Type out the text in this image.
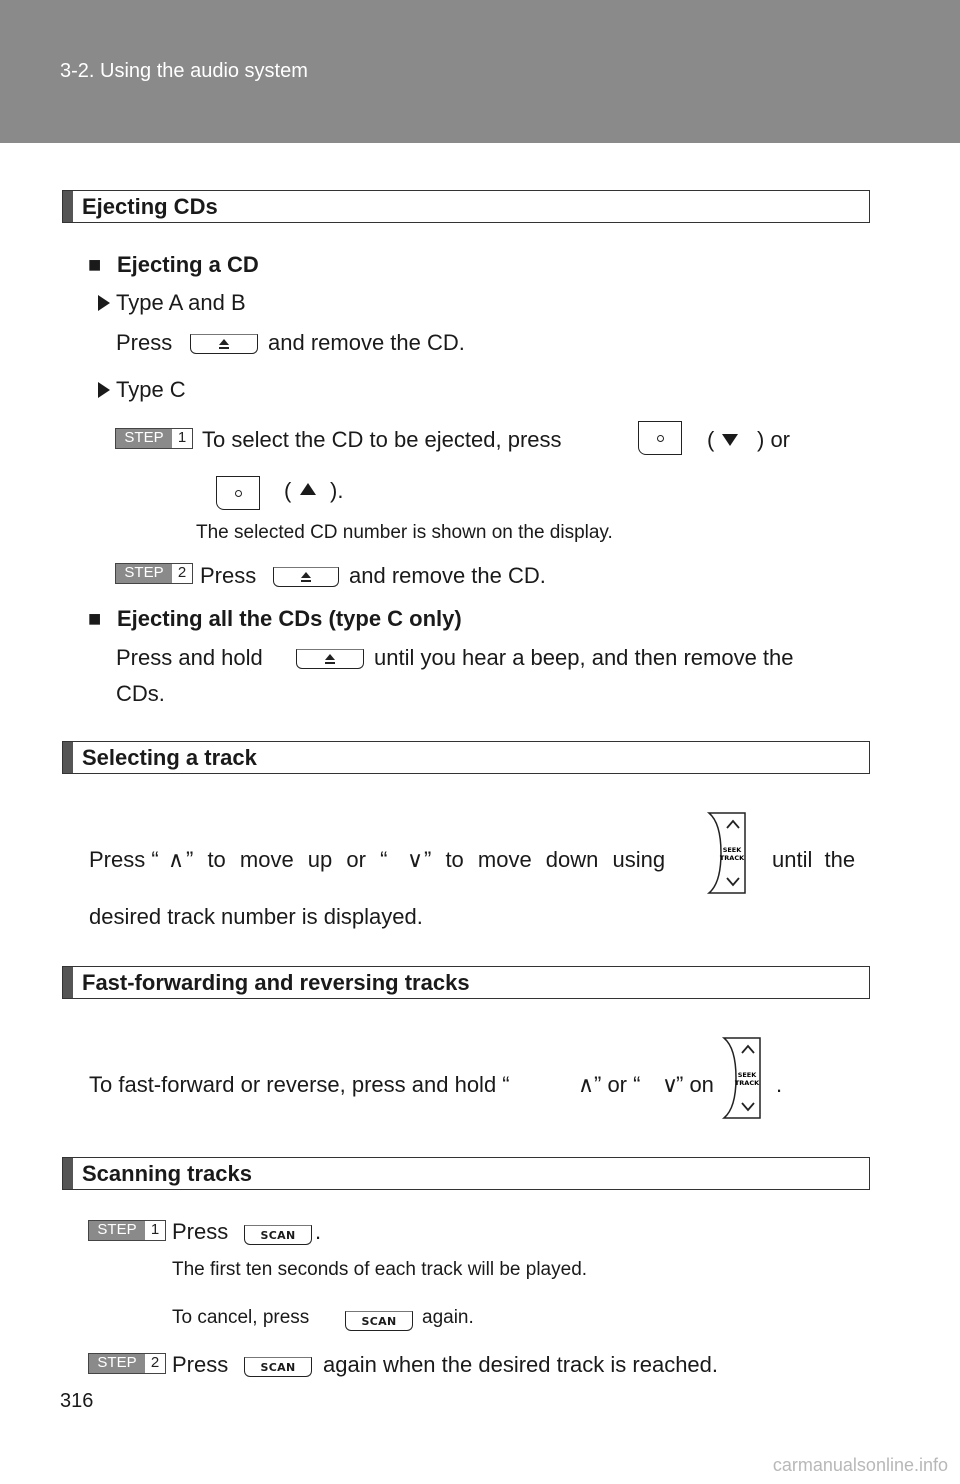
3-2. Using the audio system
Ejecting CDs
■ Ejecting a CD
Type A and B
Press	and remove the CD.
Type C
STEP 1 To select the CD to be ejected, press	( ) or
( ).
The selected CD number is shown on the display.
STEP 2 Press	and remove the CD.
■ Ejecting all the CDs (type C only)
Press and hold	until you hear a beep, and then remove the
CDs.
Selecting a track
Press “ ∧ ” to move up or “ ∨ ” to move down using	SEEK
TRACK until the
desired track number is displayed.
Fast-forwarding and reversing tracks
To fast-forward or reverse, press and hold “	∧ ” or “ ∨
” on	SEEK
TRACK .
Scanning tracks
STEP 1 Press	SCAN .
The first ten seconds of each track will be played.
To cancel, press	SCAN	again.
STEP 2 Press	SCAN	again when the desired track is reached.
316
carmanualsonline.info
